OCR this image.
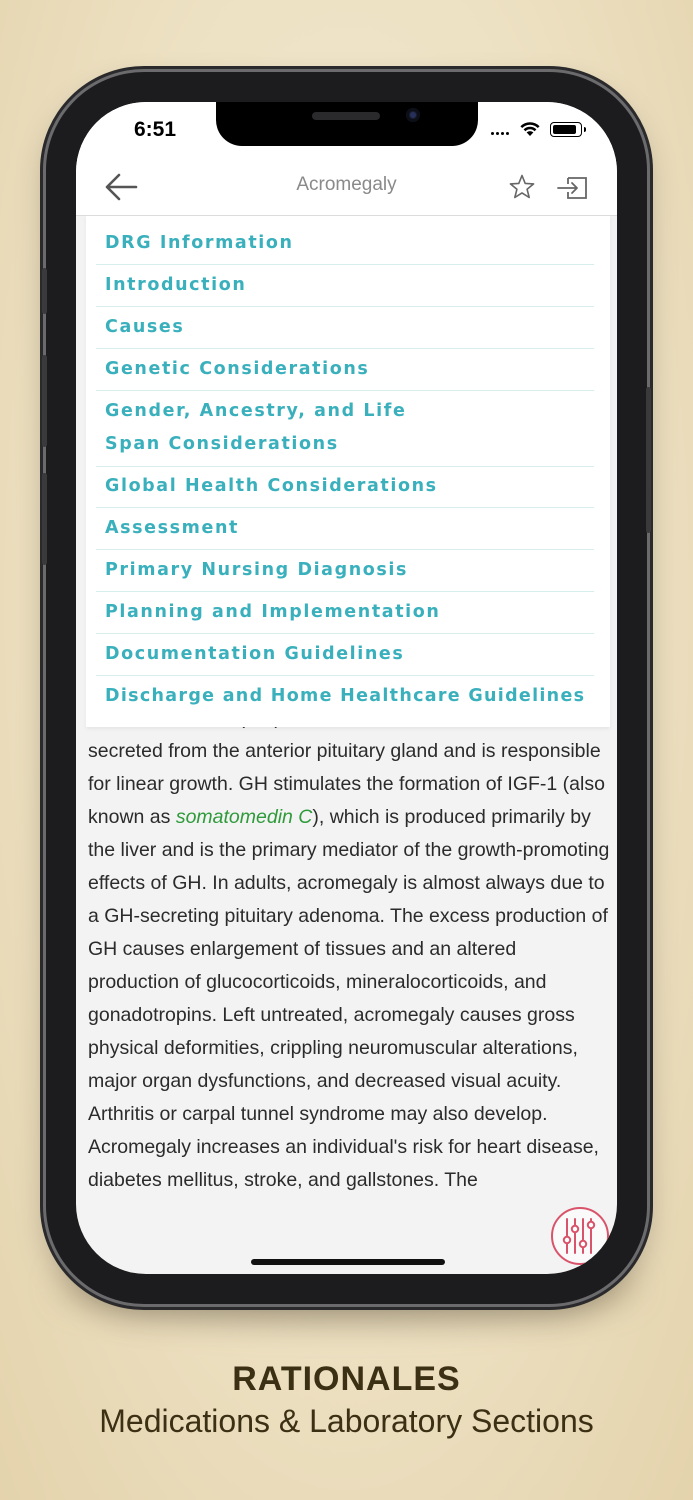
6:51
Acromegaly
DRG Information
Introduction
Causes
Genetic Considerations
Gender, Ancestry, and Life Span Considerations
Global Health Considerations
Assessment
Primary Nursing Diagnosis
Planning and Implementation
Documentation Guidelines
Discharge and Home Healthcare Guidelines
secreted from the anterior pituitary gland and is responsible for linear growth. GH stimulates the formation of IGF-1 (also known as somatomedin C), which is produced primarily by the liver and is the primary mediator of the growth-promoting effects of GH. In adults, acromegaly is almost always due to a GH-secreting pituitary adenoma. The excess production of GH causes enlargement of tissues and an altered production of glucocorticoids, mineralocorticoids, and gonadotropins. Left untreated, acromegaly causes gross physical deformities, crippling neuromuscular alterations, major organ dysfunctions, and decreased visual acuity. Arthritis or carpal tunnel syndrome may also develop. Acromegaly increases an individual's risk for heart disease, diabetes mellitus, stroke, and gallstones. The
RATIONALES
Medications & Laboratory Sections
